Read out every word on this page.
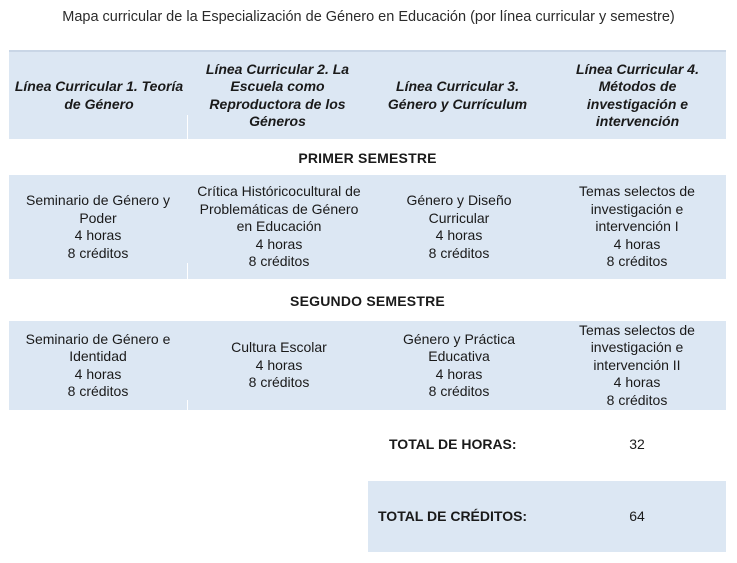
Mapa curricular de la Especialización de Género en Educación (por línea curricular y semestre)
Línea Curricular 1. Teoría de Género
Línea Curricular 2. La Escuela como Reproductora de los Géneros
Línea Curricular 3. Género y Currículum
Línea Curricular 4. Métodos de investigación e intervención
PRIMER SEMESTRE
Seminario de Género y Poder
4 horas
8 créditos
Crítica Históricocultural de Problemáticas de Género en Educación
4 horas
8 créditos
Género y Diseño Curricular
4 horas
8 créditos
Temas selectos de investigación e intervención I
4 horas
8 créditos
SEGUNDO SEMESTRE
Seminario de Género e Identidad
4 horas
8 créditos
Cultura Escolar
4 horas
8 créditos
Género y Práctica Educativa
4 horas
8 créditos
Temas selectos de investigación e intervención II
4 horas
8 créditos
TOTAL DE HORAS:	32
TOTAL DE CRÉDITOS:	64
